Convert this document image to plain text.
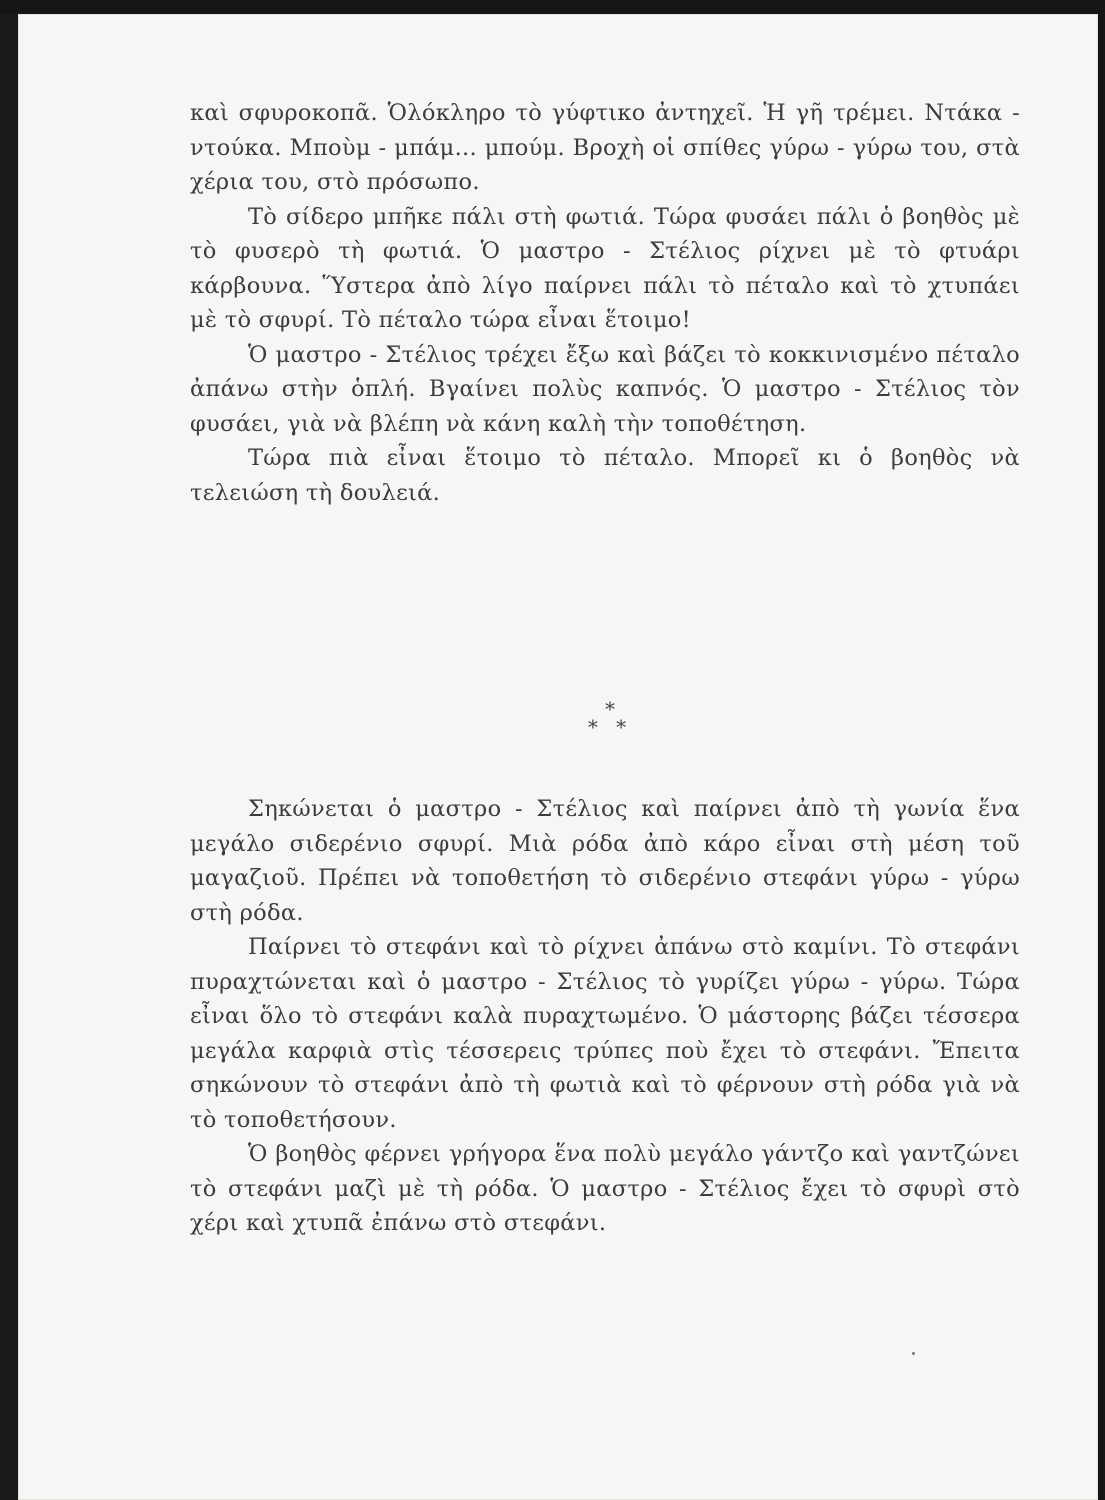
καὶ σφυροκοπᾶ. Ὁλόκληρο τὸ γύφτικο ἀντηχεῖ. Ἡ γῆ τρέμει. Ντάκα - ντούκα. Μποὺμ - μπάμ... μπούμ. Βροχὴ οἱ σπίθες γύρω - γύρω του, στὰ χέρια του, στὸ πρόσωπο.

Τὸ σίδερο μπῆκε πάλι στὴ φωτιά. Τώρα φυσάει πάλι ὁ βοηθὸς μὲ τὸ φυσερὸ τὴ φωτιά. Ὁ μαστρο - Στέλιος ρίχνει μὲ τὸ φτυάρι κάρβουνα. Ὕστερα ἀπὸ λίγο παίρνει πάλι τὸ πέταλο καὶ τὸ χτυπάει μὲ τὸ σφυρί. Τὸ πέταλο τώρα εἶναι ἕτοιμο!

Ὁ μαστρο - Στέλιος τρέχει ἔξω καὶ βάζει τὸ κοκκινισμένο πέταλο ἀπάνω στὴν ὁπλή. Βγαίνει πολὺς καπνός. Ὁ μαστρο - Στέλιος τὸν φυσάει, γιὰ νὰ βλέπη νὰ κάνη καλὴ τὴν τοποθέτηση.

Τώρα πιὰ εἶναι ἕτοιμο τὸ πέταλο. Μπορεῖ κι ὁ βοηθὸς νὰ τελειώση τὴ δουλειά.

*
* *

Σηκώνεται ὁ μαστρο - Στέλιος καὶ παίρνει ἀπὸ τὴ γωνία ἕνα μεγάλο σιδερένιο σφυρί. Μιὰ ρόδα ἀπὸ κάρο εἶναι στὴ μέση τοῦ μαγαζιοῦ. Πρέπει νὰ τοποθετήση τὸ σιδερένιο στεφάνι γύρω - γύρω στὴ ρόδα.

Παίρνει τὸ στεφάνι καὶ τὸ ρίχνει ἀπάνω στὸ καμίνι. Τὸ στεφάνι πυραχτώνεται καὶ ὁ μαστρο - Στέλιος τὸ γυρίζει γύρω - γύρω. Τώρα εἶναι ὅλο τὸ στεφάνι καλὰ πυραχτωμένο. Ὁ μάστορης βάζει τέσσερα μεγάλα καρφιὰ στὶς τέσσερεις τρύπες ποὺ ἔχει τὸ στεφάνι. Ἔπειτα σηκώνουν τὸ στεφάνι ἀπὸ τὴ φωτιὰ καὶ τὸ φέρνουν στὴ ρόδα γιὰ νὰ τὸ τοποθετήσουν.

Ὁ βοηθὸς φέρνει γρήγορα ἕνα πολὺ μεγάλο γάντζο καὶ γαντζώνει τὸ στεφάνι μαζὶ μὲ τὴ ρόδα. Ὁ μαστρο - Στέλιος ἔχει τὸ σφυρὶ στὸ χέρι καὶ χτυπᾶ ἐπάνω στὸ στεφάνι.
